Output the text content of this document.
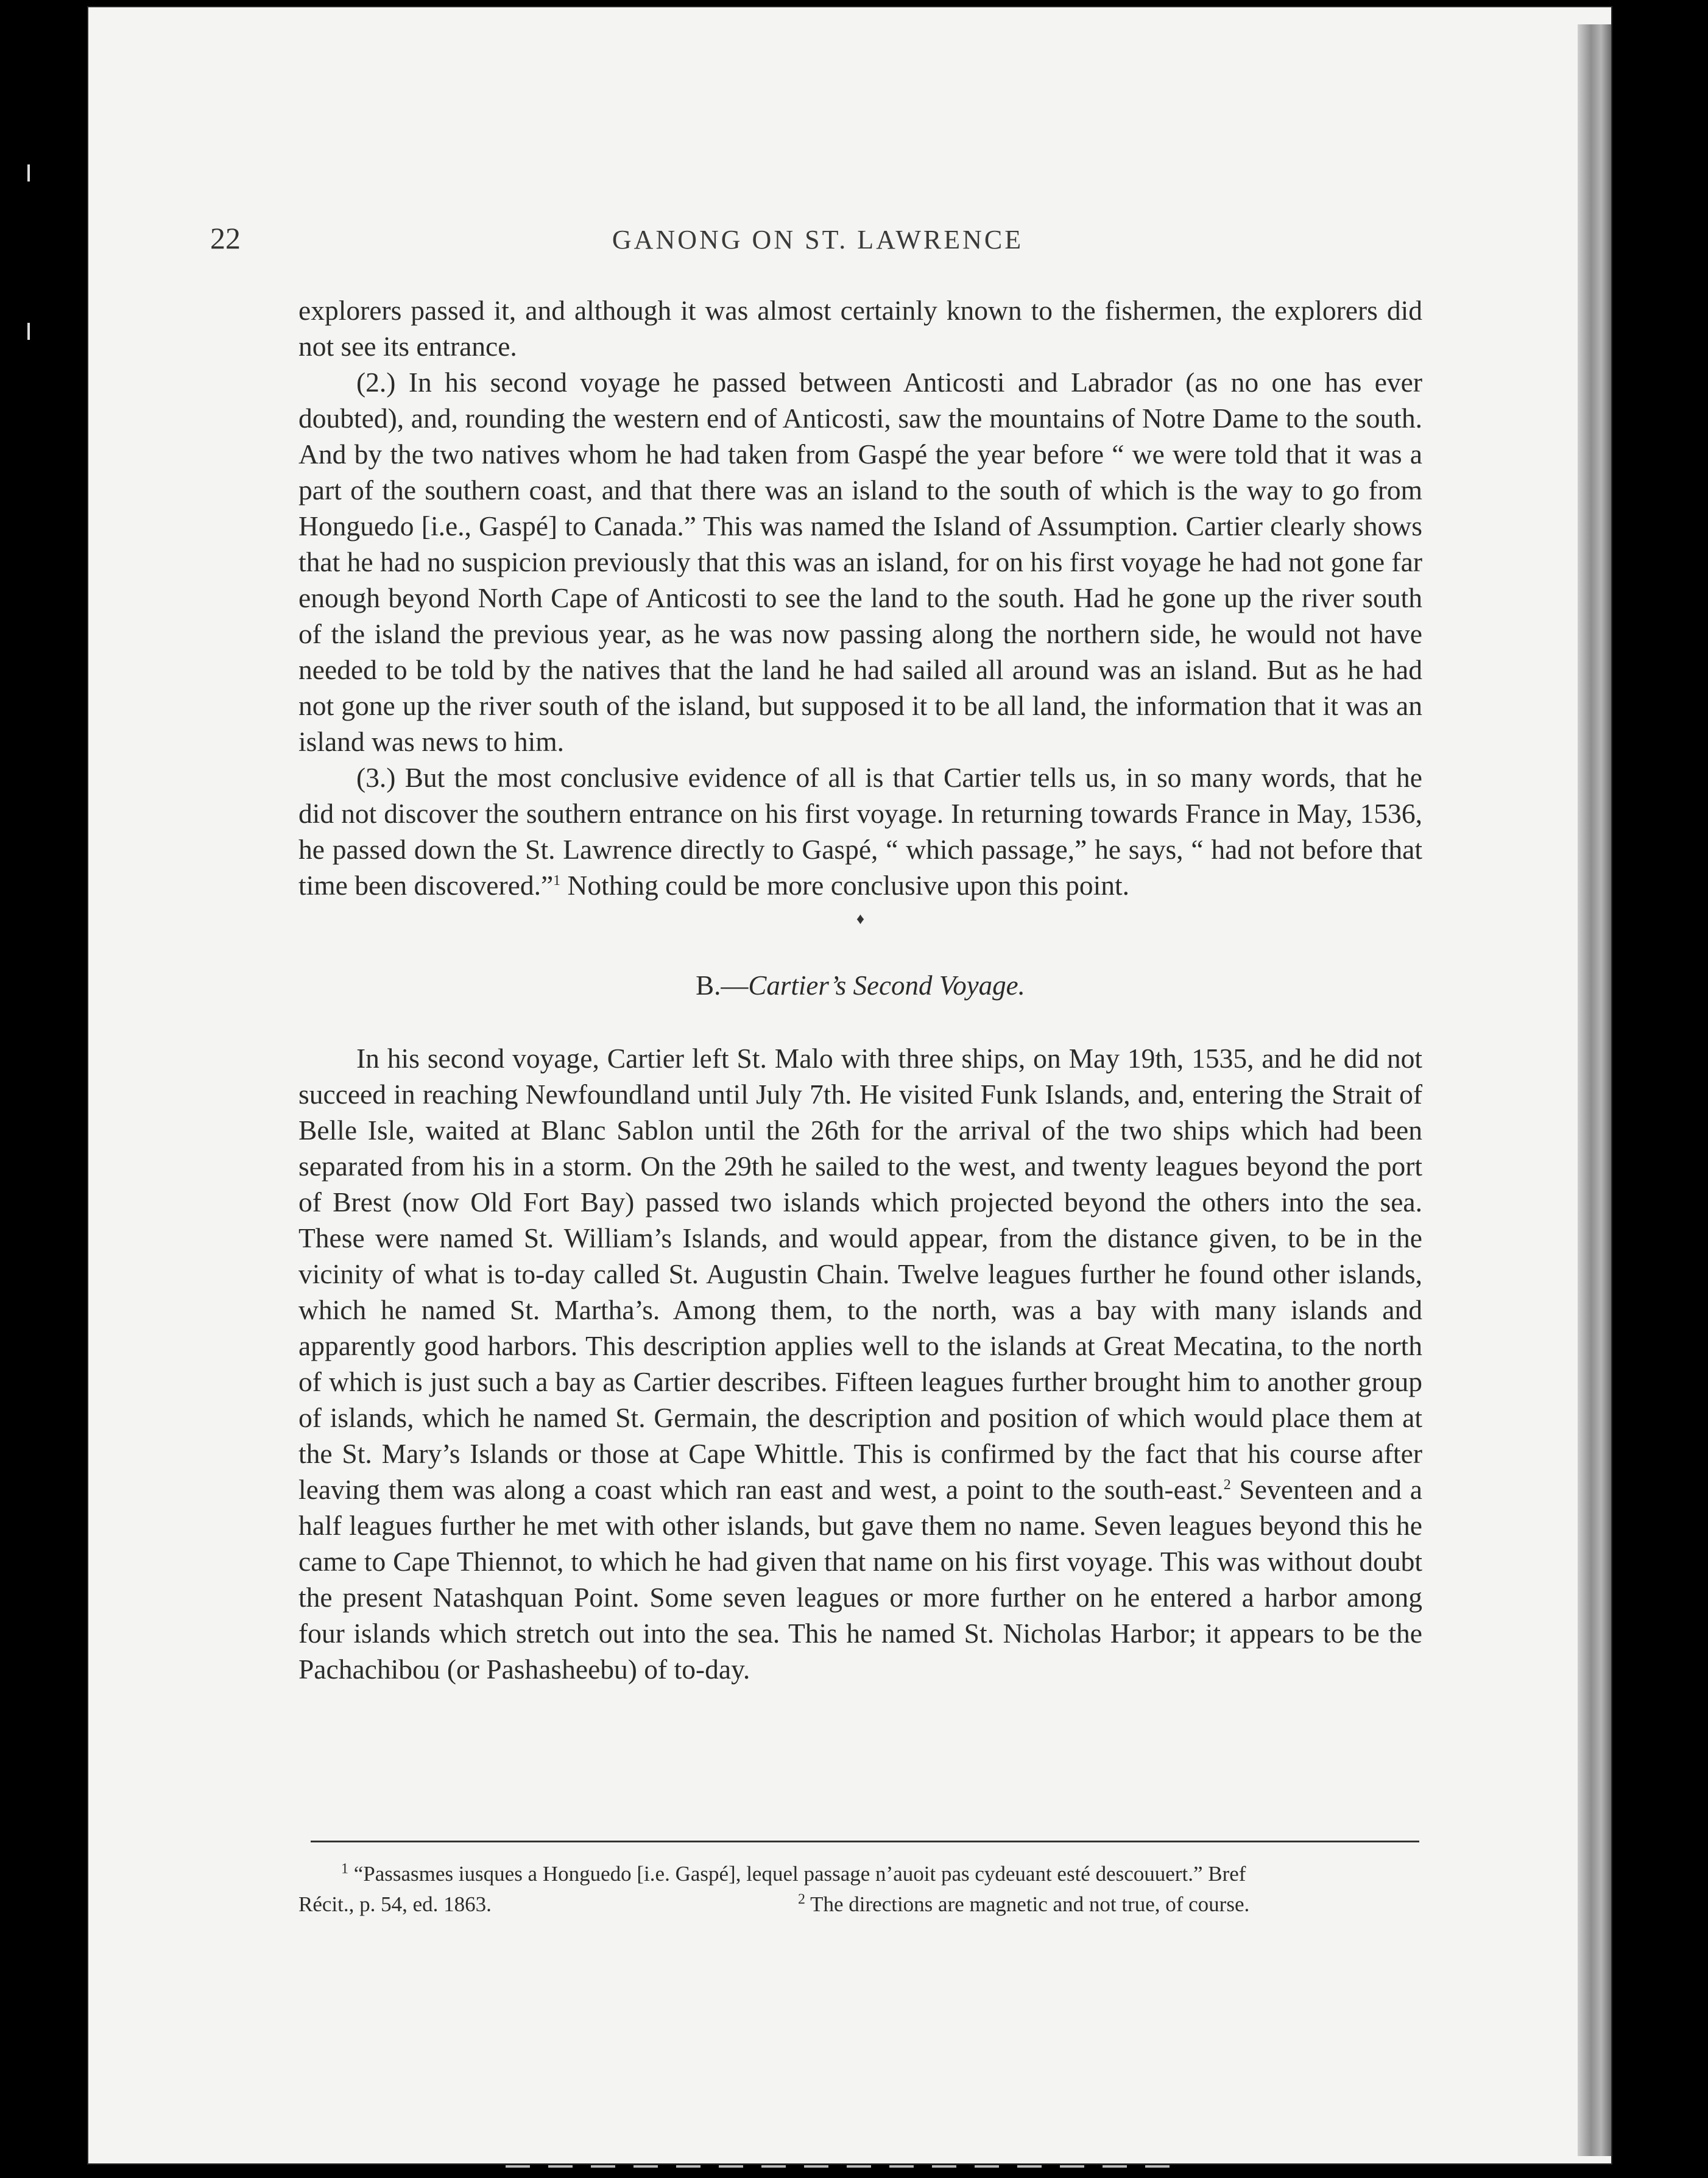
22	GANONG ON ST. LAWRENCE

explorers passed it, and although it was almost certainly known to the fishermen, the explorers did not see its entrance.

(2.) In his second voyage he passed between Anticosti and Labrador (as no one has ever doubted), and, rounding the western end of Anticosti, saw the mountains of Notre Dame to the south. And by the two natives whom he had taken from Gaspé the year before “ we were told that it was a part of the southern coast, and that there was an island to the south of which is the way to go from Honguedo [i.e., Gaspé] to Canada.” This was named the Island of Assumption. Cartier clearly shows that he had no suspicion previously that this was an island, for on his first voyage he had not gone far enough beyond North Cape of Anticosti to see the land to the south. Had he gone up the river south of the island the previous year, as he was now passing along the northern side, he would not have needed to be told by the natives that the land he had sailed all around was an island. But as he had not gone up the river south of the island, but supposed it to be all land, the information that it was an island was news to him.

(3.) But the most conclusive evidence of all is that Cartier tells us, in so many words, that he did not discover the southern entrance on his first voyage. In returning towards France in May, 1536, he passed down the St. Lawrence directly to Gaspé, “ which passage,” he says, “ had not before that time been discovered.”$^1$ Nothing could be more conclusive upon this point.

♦
B.—Cartier’s Second Voyage.

In his second voyage, Cartier left St. Malo with three ships, on May 19th, 1535, and he did not succeed in reaching Newfoundland until July 7th. He visited Funk Islands, and, entering the Strait of Belle Isle, waited at Blanc Sablon until the 26th for the arrival of the two ships which had been separated from his in a storm. On the 29th he sailed to the west, and twenty leagues beyond the port of Brest (now Old Fort Bay) passed two islands which projected beyond the others into the sea. These were named St. William’s Islands, and would appear, from the distance given, to be in the vicinity of what is to-day called St. Augustin Chain. Twelve leagues further he found other islands, which he named St. Martha’s. Among them, to the north, was a bay with many islands and apparently good harbors. This description applies well to the islands at Great Mecatina, to the north of which is just such a bay as Cartier describes. Fifteen leagues further brought him to another group of islands, which he named St. Germain, the description and position of which would place them at the St. Mary’s Islands or those at Cape Whittle. This is confirmed by the fact that his course after leaving them was along a coast which ran east and west, a point to the south-east.$^2$ Seventeen and a half leagues further he met with other islands, but gave them no name. Seven leagues beyond this he came to Cape Thiennot, to which he had given that name on his first voyage. This was without doubt the present Natashquan Point. Some seven leagues or more further on he entered a harbor among four islands which stretch out into the sea. This he named St. Nicholas Harbor; it appears to be the Pachachibou (or Pashasheebu) of to-day.

$^1$ “Passasmes iusques a Honguedo [i.e. Gaspé], lequel passage n’auoit pas cydeuant esté descouuert.” Bref
Récit., p. 54, ed. 1863.	$^2$ The directions are magnetic and not true, of course.
